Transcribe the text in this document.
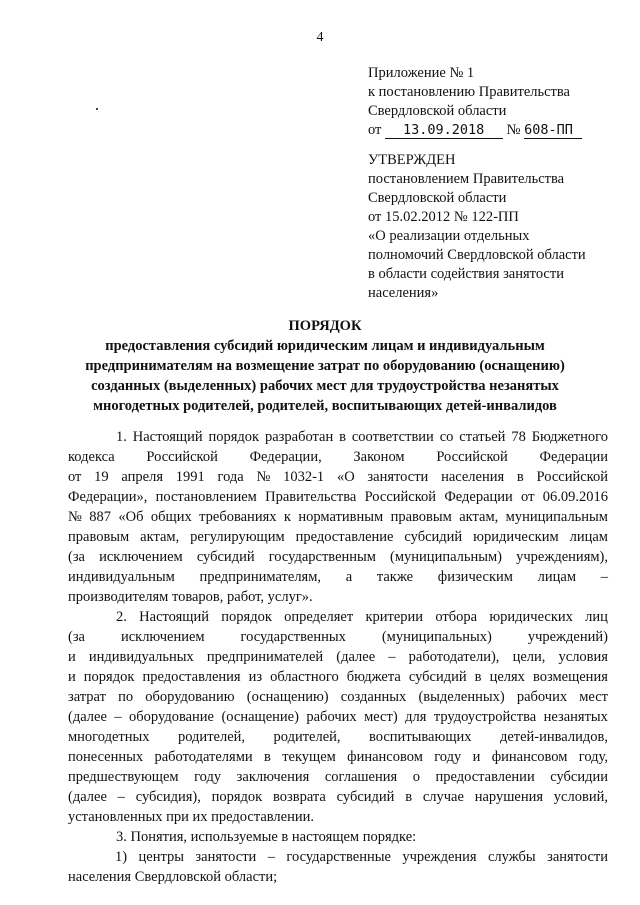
4
Приложение № 1
к постановлению Правительства
Свердловской области
от 13.09.2018 № 608-ПП
УТВЕРЖДЕН
постановлением Правительства
Свердловской области
от 15.02.2012 № 122-ПП
«О реализации отдельных
полномочий Свердловской области
в области содействия занятости
населения»
ПОРЯДОК
предоставления субсидий юридическим лицам и индивидуальным
предпринимателям на возмещение затрат по оборудованию (оснащению)
созданных (выделенных) рабочих мест для трудоустройства незанятых
многодетных родителей, родителей, воспитывающих детей-инвалидов
1. Настоящий порядок разработан в соответствии со статьей 78 Бюджетного
кодекса Российской Федерации, Законом Российской Федерации
от 19 апреля 1991 года № 1032-1 «О занятости населения в Российской
Федерации», постановлением Правительства Российской Федерации от 06.09.2016
№ 887 «Об общих требованиях к нормативным правовым актам, муниципальным
правовым актам, регулирующим предоставление субсидий юридическим лицам
(за исключением субсидий государственным (муниципальным) учреждениям),
индивидуальным предпринимателям, а также физическим лицам –
производителям товаров, работ, услуг».
2. Настоящий порядок определяет критерии отбора юридических лиц
(за исключением государственных (муниципальных) учреждений)
и индивидуальных предпринимателей (далее – работодатели), цели, условия
и порядок предоставления из областного бюджета субсидий в целях возмещения
затрат по оборудованию (оснащению) созданных (выделенных) рабочих мест
(далее – оборудование (оснащение) рабочих мест) для трудоустройства незанятых
многодетных родителей, родителей, воспитывающих детей-инвалидов,
понесенных работодателями в текущем финансовом году и финансовом году,
предшествующем году заключения соглашения о предоставлении субсидии
(далее – субсидия), порядок возврата субсидий в случае нарушения условий,
установленных при их предоставлении.
3. Понятия, используемые в настоящем порядке:
1) центры занятости – государственные учреждения службы занятости
населения Свердловской области;
